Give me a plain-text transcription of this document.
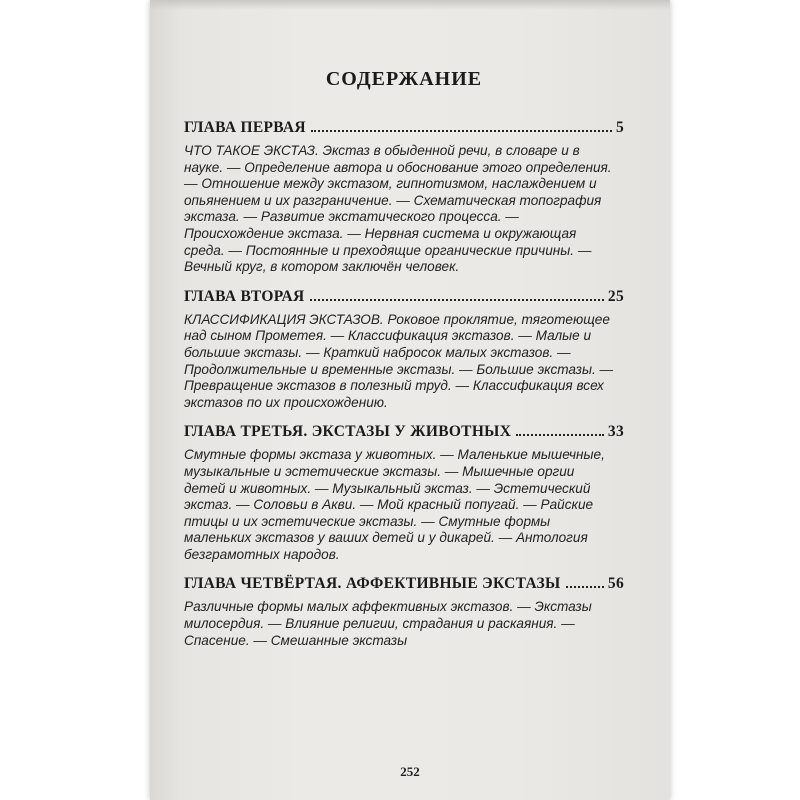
СОДЕРЖАНИЕ
ГЛАВА ПЕРВАЯ	5
ЧТО ТАКОЕ ЭКСТАЗ. Экстаз в обыденной речи, в словаре и в науке. — Определение автора и обоснование этого определения. — Отношение между экстазом, гипнотизмом, наслаждением и опьянением и их разграничение. — Схематическая топография экстаза. — Развитие экстатического процесса. — Происхождение экстаза. — Нервная система и окружающая среда. — Постоянные и преходящие органические причины. — Вечный круг, в котором заключён человек.
ГЛАВА ВТОРАЯ	25
КЛАССИФИКАЦИЯ ЭКСТАЗОВ. Роковое проклятие, тяготеющее над сыном Прометея. — Классификация экстазов. — Малые и большие экстазы. — Краткий набросок малых экстазов. — Продолжительные и временные экстазы. — Большие экстазы. — Превращение экстазов в полезный труд. — Классификация всех экстазов по их происхождению.
ГЛАВА ТРЕТЬЯ. ЭКСТАЗЫ У ЖИВОТНЫХ	33
Смутные формы экстаза у животных. — Маленькие мышечные, музыкальные и эстетические экстазы. — Мышечные оргии детей и животных. — Музыкальный экстаз. — Эстетический экстаз. — Соловьи в Акви. — Мой красный попугай. — Райские птицы и их эстетические экстазы. — Смутные формы маленьких экстазов у ваших детей и у дикарей. — Антология безграмотных народов.
ГЛАВА ЧЕТВЁРТАЯ. АФФЕКТИВНЫЕ ЭКСТАЗЫ	56
Различные формы малых аффективных экстазов. — Экстазы милосердия. — Влияние религии, страдания и раскаяния. — Спасение. — Смешанные экстазы
252
